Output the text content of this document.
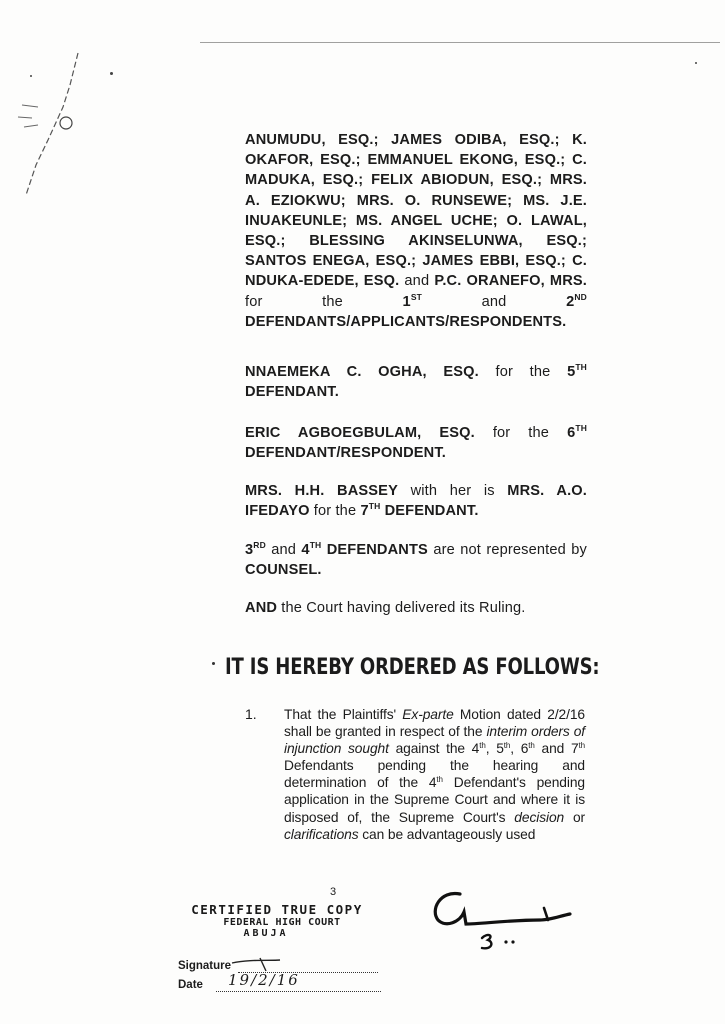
ANUMUDU, ESQ.; JAMES ODIBA, ESQ.; K. OKAFOR, ESQ.; EMMANUEL EKONG, ESQ.; C. MADUKA, ESQ.; FELIX ABIODUN, ESQ.; MRS. A. EZIOKWU; MRS. O. RUNSEWE; MS. J.E. INUAKEUNLE; MS. ANGEL UCHE; O. LAWAL, ESQ.; BLESSING AKINSELUNWA, ESQ.; SANTOS ENEGA, ESQ.; JAMES EBBI, ESQ.; C. NDUKA-EDEDE, ESQ. and P.C. ORANEFO, MRS. for the	1ST	and	2ND DEFENDANTS/APPLICANTS/RESPONDENTS.

NNAEMEKA C. OGHA, ESQ. for the 5TH DEFENDANT.

ERIC AGBOEGBULAM, ESQ. for the 6TH DEFENDANT/RESPONDENT.

MRS. H.H. BASSEY with her is MRS. A.O. IFEDAYO for the 7TH DEFENDANT.

3RD and 4TH DEFENDANTS are not represented by COUNSEL.

AND the Court having delivered its Ruling.

IT IS HEREBY ORDERED AS FOLLOWS:

1. That the Plaintiffs' Ex-parte Motion dated 2/2/16 shall be granted in respect of the interim orders of injunction sought against the 4th, 5th, 6th and 7th Defendants pending the hearing and determination of the 4th Defendant's pending application in the Supreme Court and where it is disposed of, the Supreme Court's decision or clarifications can be advantageously used

3

CERTIFIED TRUE COPY

FEDERAL HIGH COURT

ABUJA

Signature

Date 19/2/16
